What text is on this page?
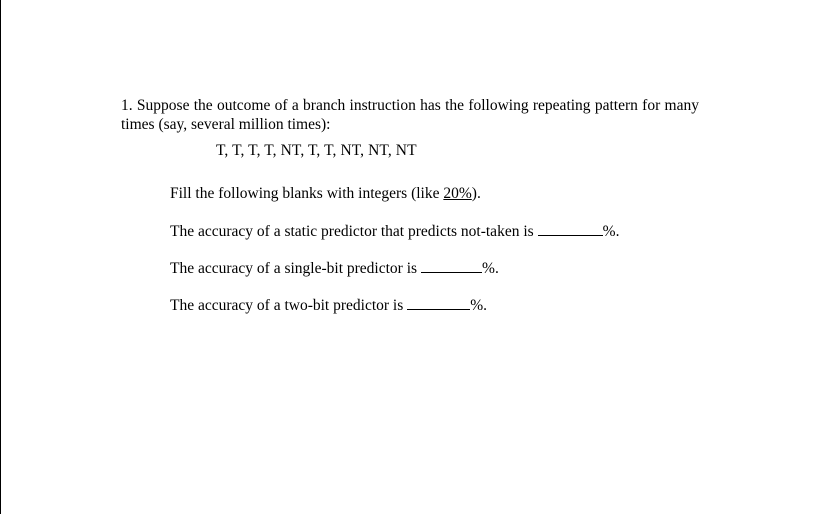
1. Suppose the outcome of a branch instruction has the following repeating pattern for many times (say, several million times):
T, T, T, T, NT, T, T, NT, NT, NT
Fill the following blanks with integers (like 20%).
The accuracy of a static predictor that predicts not-taken is	%.
The accuracy of a single-bit predictor is	%.
The accuracy of a two-bit predictor is	%.
